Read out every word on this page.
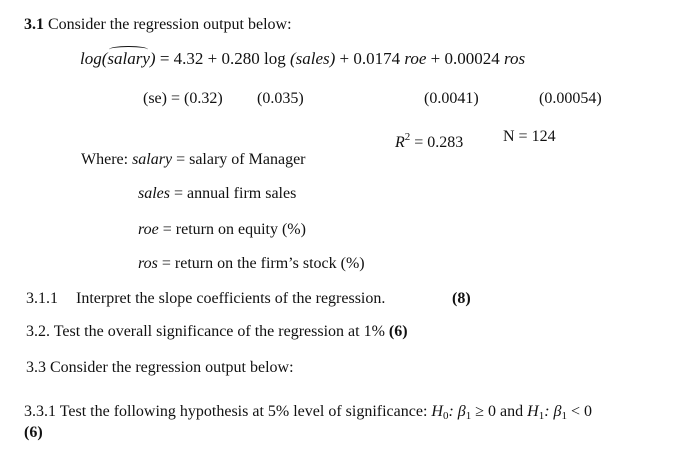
3.1 Consider the regression output below:
log(salary) = 4.32 + 0.280 log (sales) + 0.0174 roe + 0.00024 ros
(se) = (0.32) (0.035)	(0.0041)	(0.00054)
$R^2 = 0.283$ N = 124
Where: salary = salary of Manager
sales = annual firm sales
roe = return on equity (%)
ros = return on the firm’s stock (%)
3.1.1 Interpret the slope coefficients of the regression.	(8)
3.2. Test the overall significance of the regression at 1% (6)
3.3 Consider the regression output below:
3.3.1 Test the following hypothesis at 5% level of significance: $H_0$: $\beta_1 \ge 0$ and $H_1$: $\beta_1 < 0$
(6)
